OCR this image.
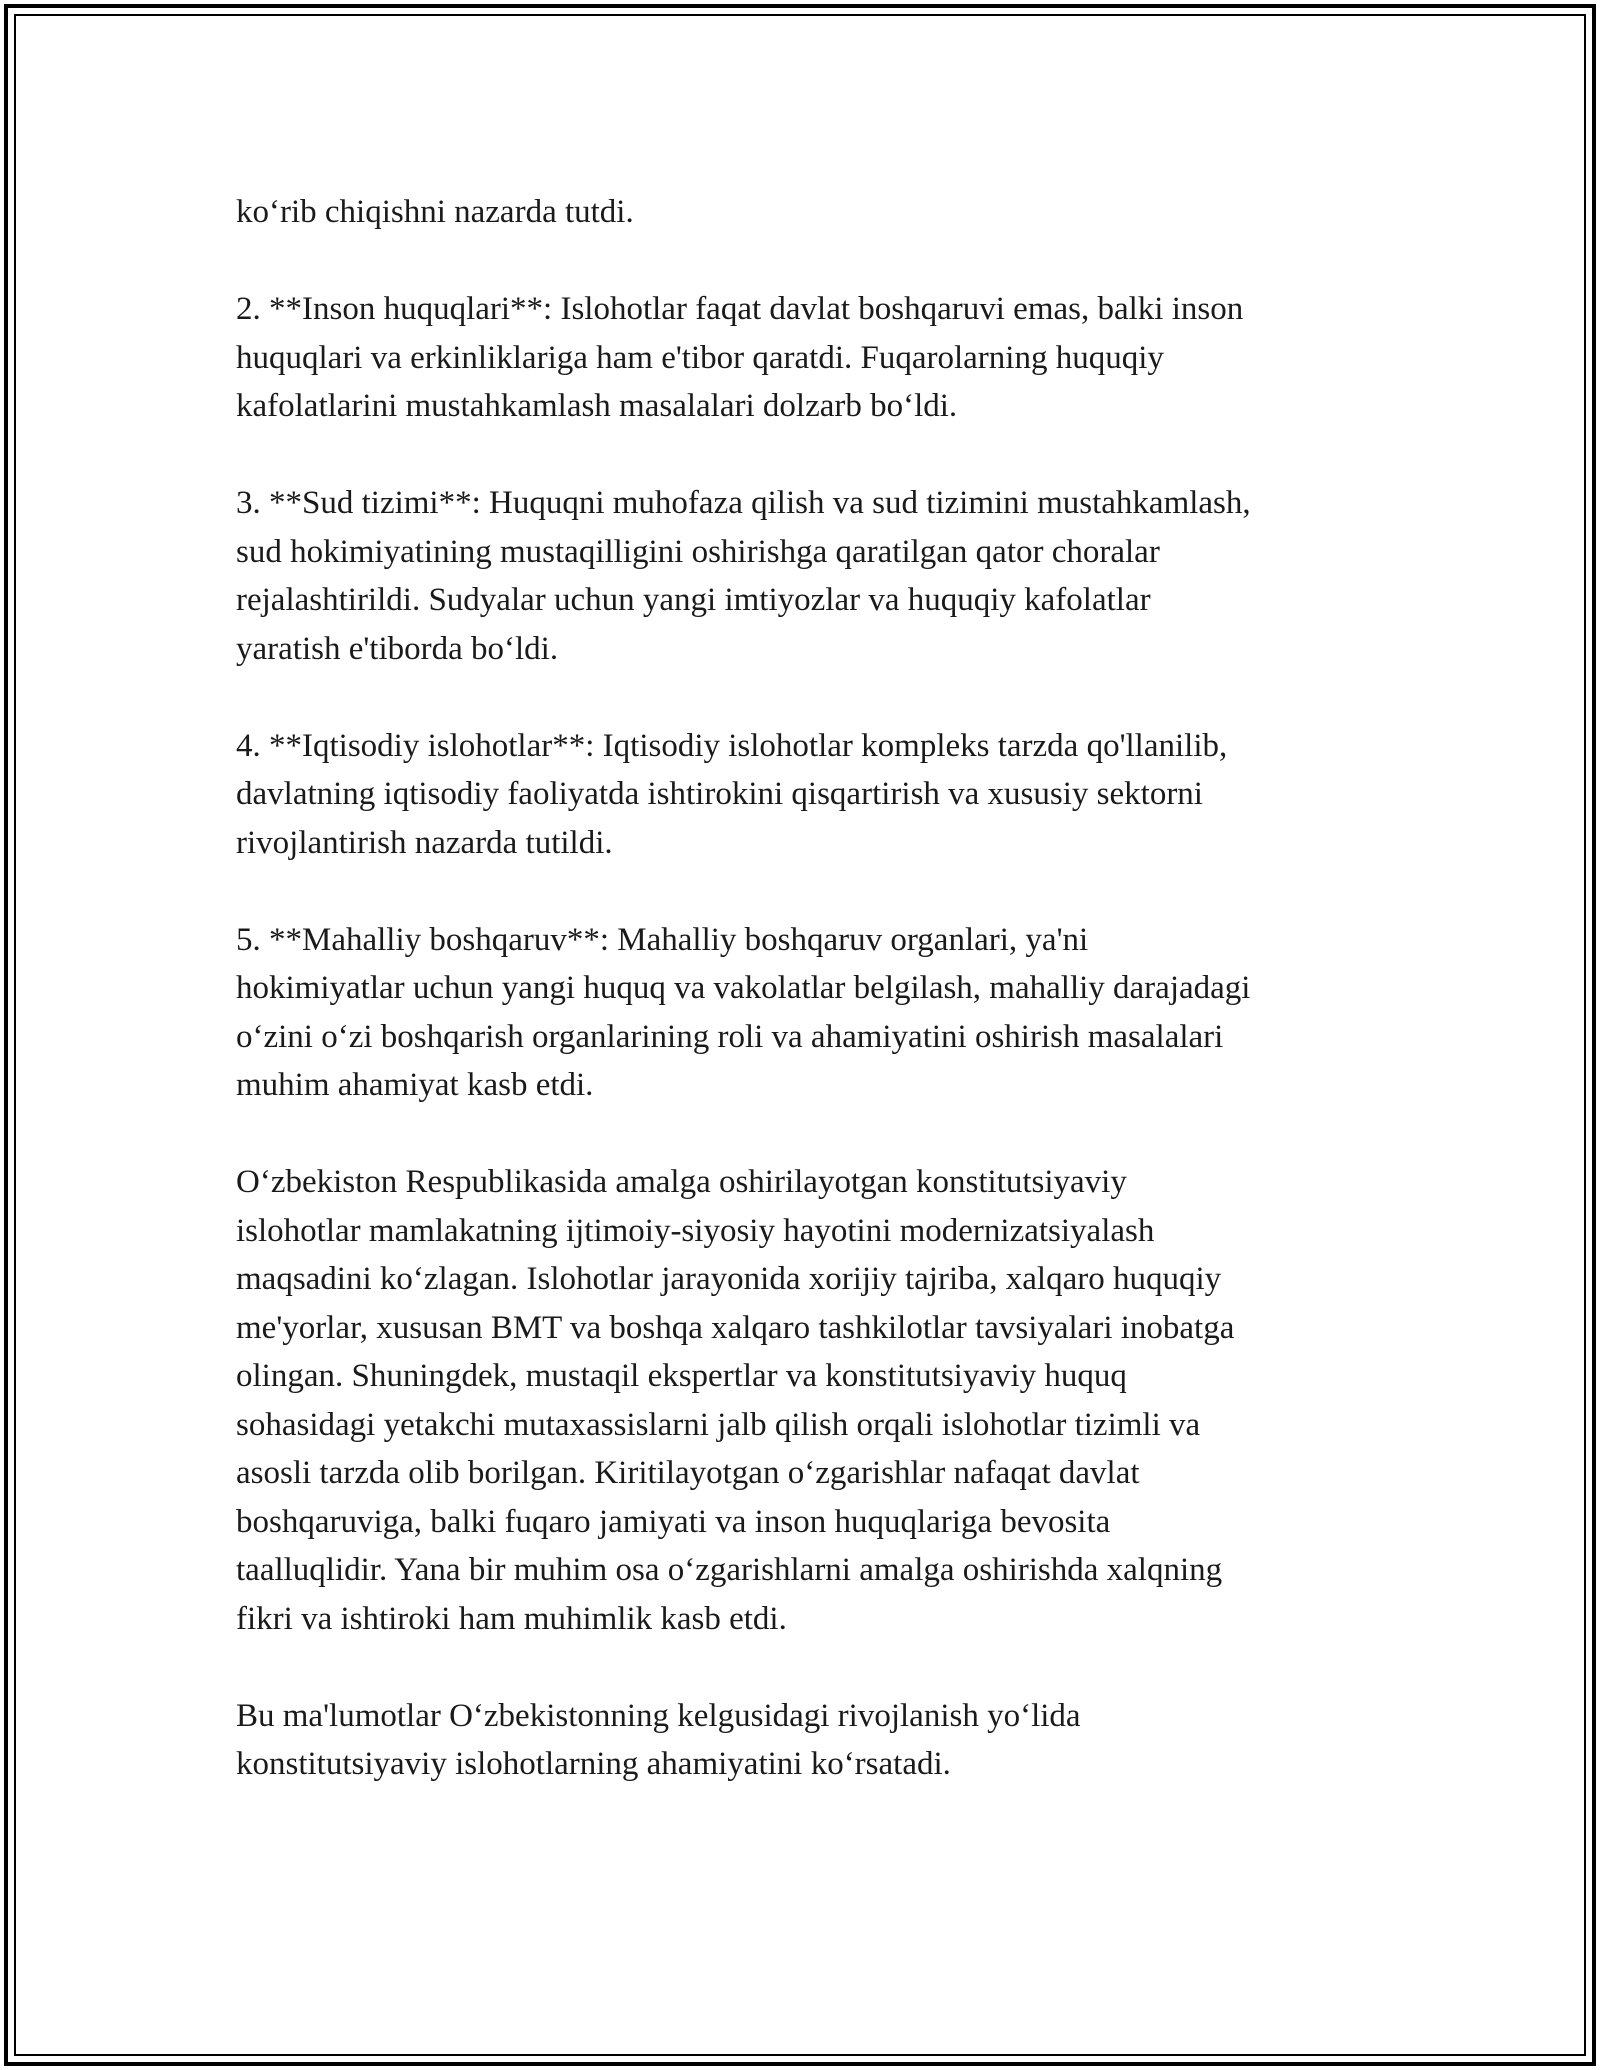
ko‘rib chiqishni nazarda tutdi.

2. **Inson huquqlari**: Islohotlar faqat davlat boshqaruvi emas, balki inson
huquqlari va erkinliklariga ham e'tibor qaratdi. Fuqarolarning huquqiy
kafolatlarini mustahkamlash masalalari dolzarb bo‘ldi.

3. **Sud tizimi**: Huquqni muhofaza qilish va sud tizimini mustahkamlash,
sud hokimiyatining mustaqilligini oshirishga qaratilgan qator choralar
rejalashtirildi. Sudyalar uchun yangi imtiyozlar va huquqiy kafolatlar
yaratish e'tiborda bo‘ldi.

4. **Iqtisodiy islohotlar**: Iqtisodiy islohotlar kompleks tarzda qo'llanilib,
davlatning iqtisodiy faoliyatda ishtirokini qisqartirish va xususiy sektorni
rivojlantirish nazarda tutildi.

5. **Mahalliy boshqaruv**: Mahalliy boshqaruv organlari, ya'ni
hokimiyatlar uchun yangi huquq va vakolatlar belgilash, mahalliy darajadagi
o‘zini o‘zi boshqarish organlarining roli va ahamiyatini oshirish masalalari
muhim ahamiyat kasb etdi.

O‘zbekiston Respublikasida amalga oshirilayotgan konstitutsiyaviy
islohotlar mamlakatning ijtimoiy-siyosiy hayotini modernizatsiyalash
maqsadini ko‘zlagan. Islohotlar jarayonida xorijiy tajriba, xalqaro huquqiy
me'yorlar, xususan BMT va boshqa xalqaro tashkilotlar tavsiyalari inobatga
olingan. Shuningdek, mustaqil ekspertlar va konstitutsiyaviy huquq
sohasidagi yetakchi mutaxassislarni jalb qilish orqali islohotlar tizimli va
asosli tarzda olib borilgan. Kiritilayotgan o‘zgarishlar nafaqat davlat
boshqaruviga, balki fuqaro jamiyati va inson huquqlariga bevosita
taalluqlidir. Yana bir muhim osa o‘zgarishlarni amalga oshirishda xalqning
fikri va ishtiroki ham muhimlik kasb etdi.

Bu ma'lumotlar O‘zbekistonning kelgusidagi rivojlanish yo‘lida
konstitutsiyaviy islohotlarning ahamiyatini ko‘rsatadi.
